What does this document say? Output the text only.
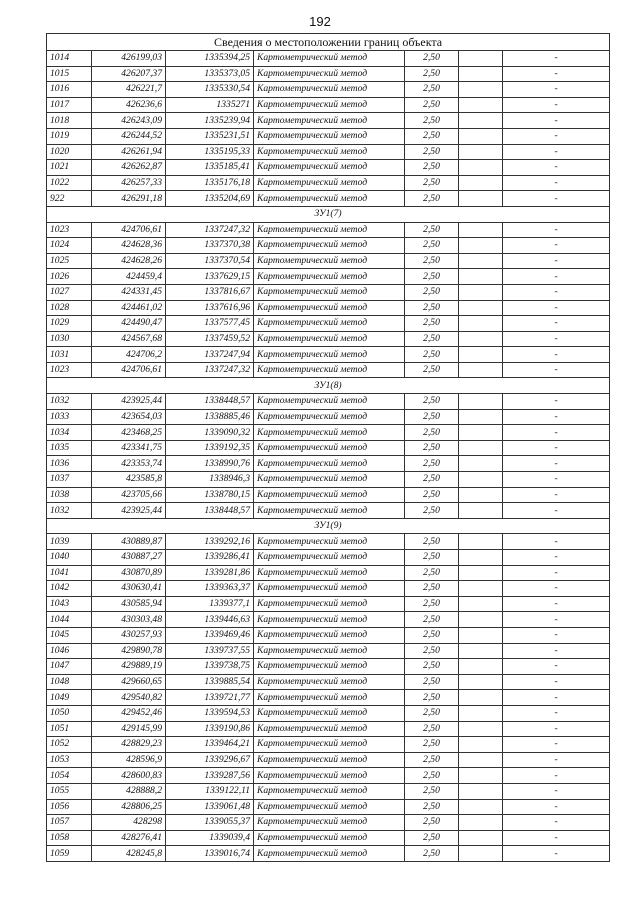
192
Сведения о местоположении границ объекта						
1014	426199,03	1335394,25	Картометрический метод	2,50		-
1015	426207,37	1335373,05	Картометрический метод	2,50		-
1016	426221,7	1335330,54	Картометрический метод	2,50		-
1017	426236,6	1335271	Картометрический метод	2,50		-
1018	426243,09	1335239,94	Картометрический метод	2,50		-
1019	426244,52	1335231,51	Картометрический метод	2,50		-
1020	426261,94	1335195,33	Картометрический метод	2,50		-
1021	426262,87	1335185,41	Картометрический метод	2,50		-
1022	426257,33	1335176,18	Картометрический метод	2,50		-
922	426291,18	1335204,69	Картометрический метод	2,50		-
ЗУ1(7)						
1023	424706,61	1337247,32	Картометрический метод	2,50		-
1024	424628,36	1337370,38	Картометрический метод	2,50		-
1025	424628,26	1337370,54	Картометрический метод	2,50		-
1026	424459,4	1337629,15	Картометрический метод	2,50		-
1027	424331,45	1337816,67	Картометрический метод	2,50		-
1028	424461,02	1337616,96	Картометрический метод	2,50		-
1029	424490,47	1337577,45	Картометрический метод	2,50		-
1030	424567,68	1337459,52	Картометрический метод	2,50		-
1031	424706,2	1337247,94	Картометрический метод	2,50		-
1023	424706,61	1337247,32	Картометрический метод	2,50		-
ЗУ1(8)						
1032	423925,44	1338448,57	Картометрический метод	2,50		-
1033	423654,03	1338885,46	Картометрический метод	2,50		-
1034	423468,25	1339090,32	Картометрический метод	2,50		-
1035	423341,75	1339192,35	Картометрический метод	2,50		-
1036	423353,74	1338990,76	Картометрический метод	2,50		-
1037	423585,8	1338946,3	Картометрический метод	2,50		-
1038	423705,66	1338780,15	Картометрический метод	2,50		-
1032	423925,44	1338448,57	Картометрический метод	2,50		-
ЗУ1(9)						
1039	430889,87	1339292,16	Картометрический метод	2,50		-
1040	430887,27	1339286,41	Картометрический метод	2,50		-
1041	430870,89	1339281,86	Картометрический метод	2,50		-
1042	430630,41	1339363,37	Картометрический метод	2,50		-
1043	430585,94	1339377,1	Картометрический метод	2,50		-
1044	430303,48	1339446,63	Картометрический метод	2,50		-
1045	430257,93	1339469,46	Картометрический метод	2,50		-
1046	429890,78	1339737,55	Картометрический метод	2,50		-
1047	429889,19	1339738,75	Картометрический метод	2,50		-
1048	429660,65	1339885,54	Картометрический метод	2,50		-
1049	429540,82	1339721,77	Картометрический метод	2,50		-
1050	429452,46	1339594,53	Картометрический метод	2,50		-
1051	429145,99	1339190,86	Картометрический метод	2,50		-
1052	428829,23	1339464,21	Картометрический метод	2,50		-
1053	428596,9	1339296,67	Картометрический метод	2,50		-
1054	428600,83	1339287,56	Картометрический метод	2,50		-
1055	428888,2	1339122,11	Картометрический метод	2,50		-
1056	428806,25	1339061,48	Картометрический метод	2,50		-
1057	428298	1339055,37	Картометрический метод	2,50		-
1058	428276,41	1339039,4	Картометрический метод	2,50		-
1059	428245,8	1339016,74	Картометрический метод	2,50		-
